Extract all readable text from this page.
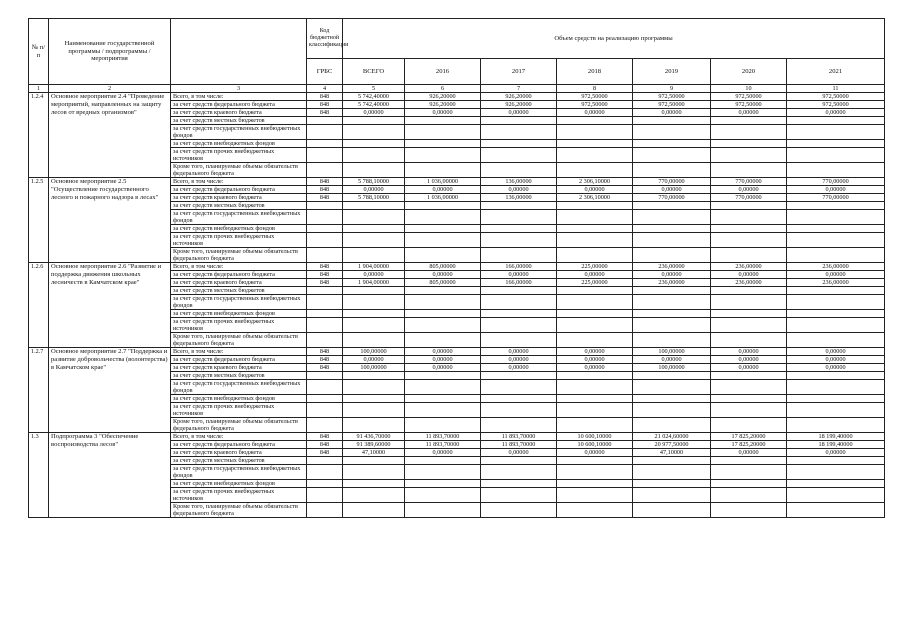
№ п/п	Наименование государственной программы / подпрограммы / мероприятия		Код бюджетной классификации	Объем средств на реализацию программы						
			ГРБС	ВСЕГО	2016	2017	2018	2019	2020	2021
1	2	3	4	5	6	7	8	9	10	11
1.2.4	Основное мероприятие 2.4 "Проведение мероприятий, направленных на защиту лесов от вредных организмов"	Всего, в том числе:	848	5 742,40000	926,20000	926,20000	972,50000	972,50000	972,50000	972,50000
		за счет средств федерального бюджета	848	5 742,40000	926,20000	926,20000	972,50000	972,50000	972,50000	972,50000
		за счет средств краевого бюджета	848	0,00000	0,00000	0,00000	0,00000	0,00000	0,00000	0,00000
		за счет средств местных бюджетов								
		за счет средств государственных внебюджетных фондов								
		за счет средств внебюджетных фондов								
		за счет средств прочих внебюджетных источников								
		Кроме того, планируемые объемы обязательств федерального бюджета								
1.2.5	Основное мероприятие 2.5 "Осуществление государственного лесного и пожарного надзора в лесах"	Всего, в том числе:	848	5 788,10000	1 036,00000	136,00000	2 306,10000	770,00000	770,00000	770,00000
		за счет средств федерального бюджета	848	0,00000	0,00000	0,00000	0,00000	0,00000	0,00000	0,00000
		за счет средств краевого бюджета	848	5 788,10000	1 036,00000	136,00000	2 306,10000	770,00000	770,00000	770,00000
		за счет средств местных бюджетов								
		за счет средств государственных внебюджетных фондов								
		за счет средств внебюджетных фондов								
		за счет средств прочих внебюджетных источников								
		Кроме того, планируемые объемы обязательств федерального бюджета								
1.2.6	Основное мероприятие 2.6 "Развитие и поддержка движения школьных лесничеств в Камчатском крае"	Всего, в том числе:	848	1 904,00000	805,00000	166,00000	225,00000	236,00000	236,00000	236,00000
		за счет средств федерального бюджета	848	0,00000	0,00000	0,00000	0,00000	0,00000	0,00000	0,00000
		за счет средств краевого бюджета	848	1 904,00000	805,00000	166,00000	225,00000	236,00000	236,00000	236,00000
		за счет средств местных бюджетов								
		за счет средств государственных внебюджетных фондов								
		за счет средств внебюджетных фондов								
		за счет средств прочих внебюджетных источников								
		Кроме того, планируемые объемы обязательств федерального бюджета								
1.2.7	Основное мероприятие 2.7 "Поддержка и развитие добровольчества (волонтерства) в Камчатском крае"	Всего, в том числе:	848	100,00000	0,00000	0,00000	0,00000	100,00000	0,00000	0,00000
		за счет средств федерального бюджета	848	0,00000	0,00000	0,00000	0,00000	0,00000	0,00000	0,00000
		за счет средств краевого бюджета	848	100,00000	0,00000	0,00000	0,00000	100,00000	0,00000	0,00000
		за счет средств местных бюджетов								
		за счет средств государственных внебюджетных фондов								
		за счет средств внебюджетных фондов								
		за счет средств прочих внебюджетных источников								
		Кроме того, планируемые объемы обязательств федерального бюджета								
1.3	Подпрограмма 3 "Обеспечение воспроизводства лесов"	Всего, в том числе:	848	91 436,70000	11 893,70000	11 893,70000	10 600,10000	21 024,60000	17 825,20000	18 199,40000
		за счет средств федерального бюджета	848	91 389,60000	11 893,70000	11 893,70000	10 600,10000	20 977,50000	17 825,20000	18 199,40000
		за счет средств краевого бюджета	848	47,10000	0,00000	0,00000	0,00000	47,10000	0,00000	0,00000
		за счет средств местных бюджетов								
		за счет средств государственных внебюджетных фондов								
		за счет средств внебюджетных фондов								
		за счет средств прочих внебюджетных источников								
		Кроме того, планируемые объемы обязательств федерального бюджета								
